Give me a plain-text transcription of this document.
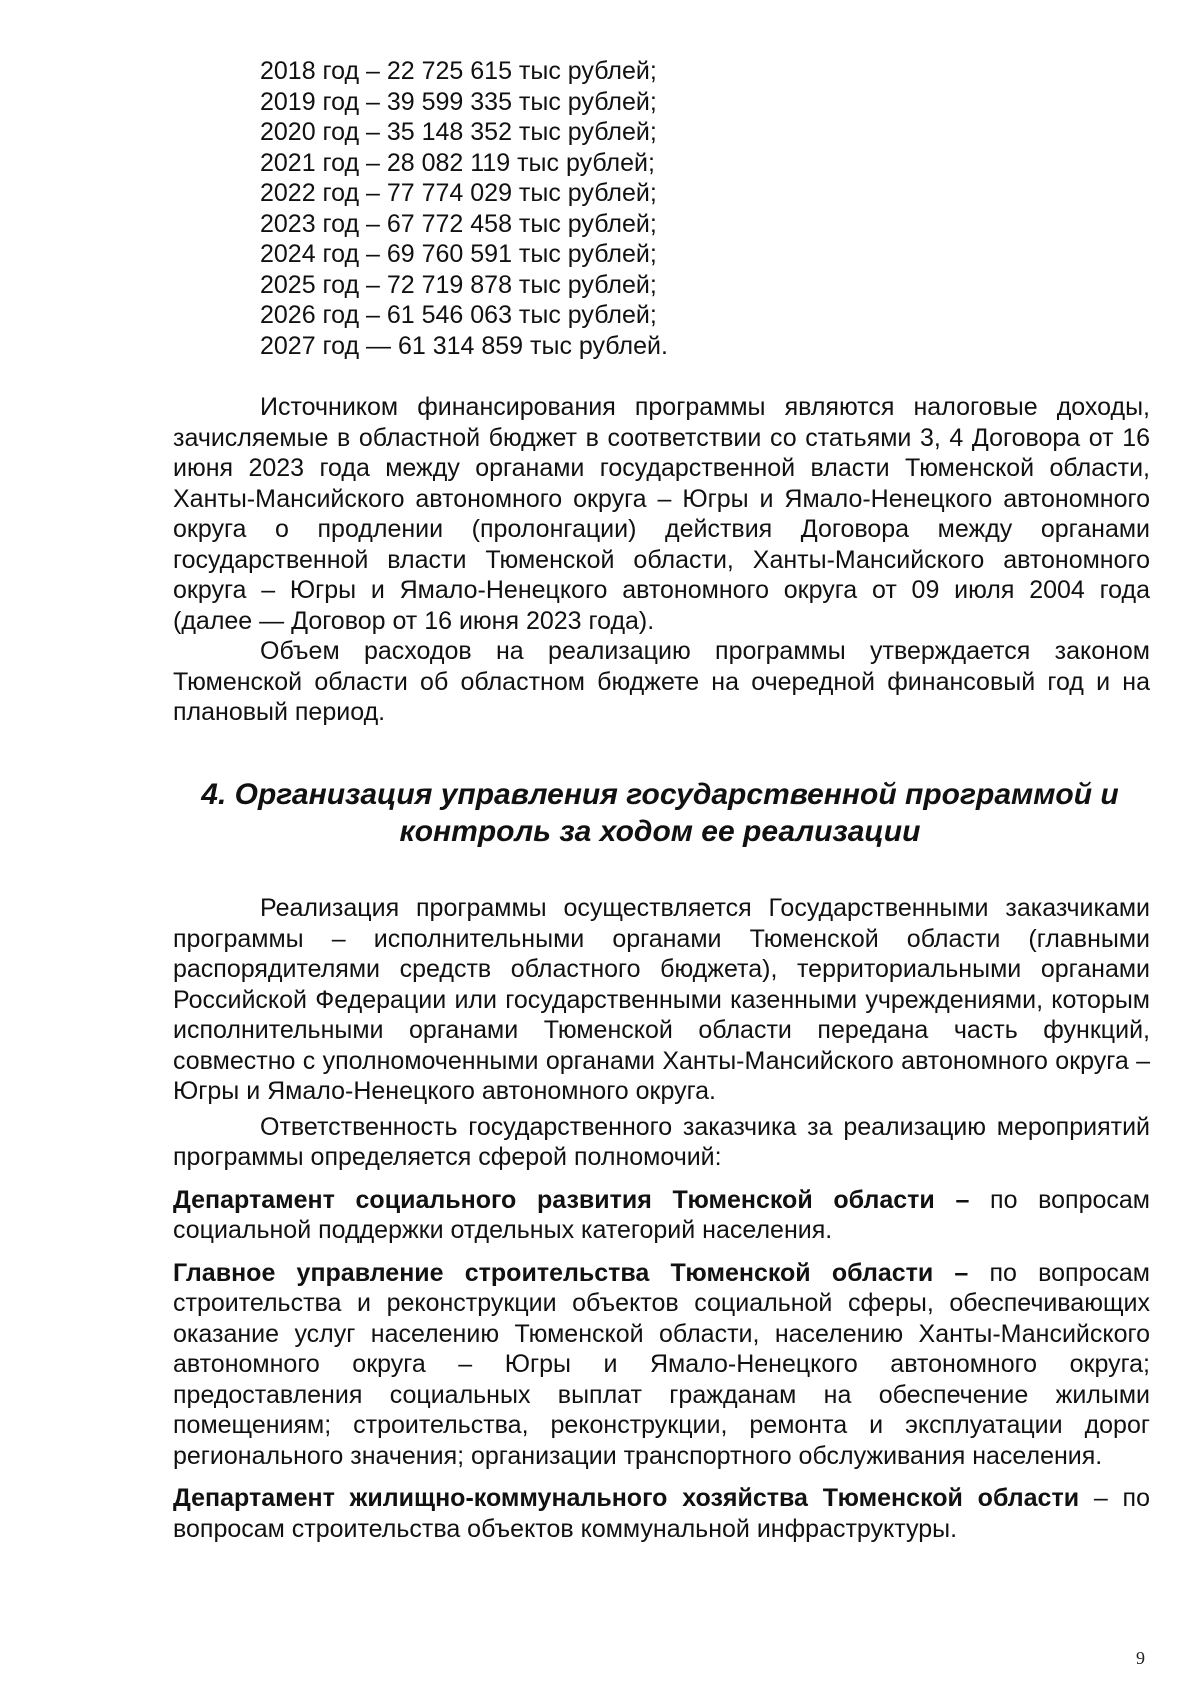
2018 год – 22 725 615 тыс рублей;
2019 год – 39 599 335 тыс рублей;
2020 год – 35 148 352 тыс рублей;
2021 год – 28 082 119 тыс рублей;
2022 год – 77 774 029 тыс рублей;
2023 год – 67 772 458 тыс рублей;
2024 год – 69 760 591 тыс рублей;
2025 год – 72 719 878 тыс рублей;
2026 год – 61 546 063 тыс рублей;
2027 год — 61 314 859 тыс рублей.

Источником финансирования программы являются налоговые доходы, зачисляемые в областной бюджет в соответствии со статьями 3, 4 Договора от 16 июня 2023 года между органами государственной власти Тюменской области, Ханты-Мансийского автономного округа – Югры и Ямало-Ненецкого автономного округа о продлении (пролонгации) действия Договора между органами государственной власти Тюменской области, Ханты-Мансийского автономного округа – Югры и Ямало-Ненецкого автономного округа от 09 июля 2004 года (далее — Договор от 16 июня 2023 года).

Объем расходов на реализацию программы утверждается законом Тюменской области об областном бюджете на очередной финансовый год и на плановый период.

4. Организация управления государственной программой и
контроль за ходом ее реализации

Реализация программы осуществляется Государственными заказчиками программы – исполнительными органами Тюменской области (главными распорядителями средств областного бюджета), территориальными органами Российской Федерации или государственными казенными учреждениями, которым исполнительными органами Тюменской области передана часть функций, совместно с уполномоченными органами Ханты-Мансийского автономного округа – Югры и Ямало-Ненецкого автономного округа.

Ответственность государственного заказчика за реализацию мероприятий программы определяется сферой полномочий:

Департамент социального развития Тюменской области – по вопросам социальной поддержки отдельных категорий населения.

Главное управление строительства Тюменской области – по вопросам строительства и реконструкции объектов социальной сферы, обеспечивающих оказание услуг населению Тюменской области, населению Ханты-Мансийского автономного округа – Югры и Ямало-Ненецкого автономного округа; предоставления социальных выплат гражданам на обеспечение жилыми помещениям; строительства, реконструкции, ремонта и эксплуатации дорог регионального значения; организации транспортного обслуживания населения.

Департамент жилищно-коммунального хозяйства Тюменской области – по вопросам строительства объектов коммунальной инфраструктуры.

9
